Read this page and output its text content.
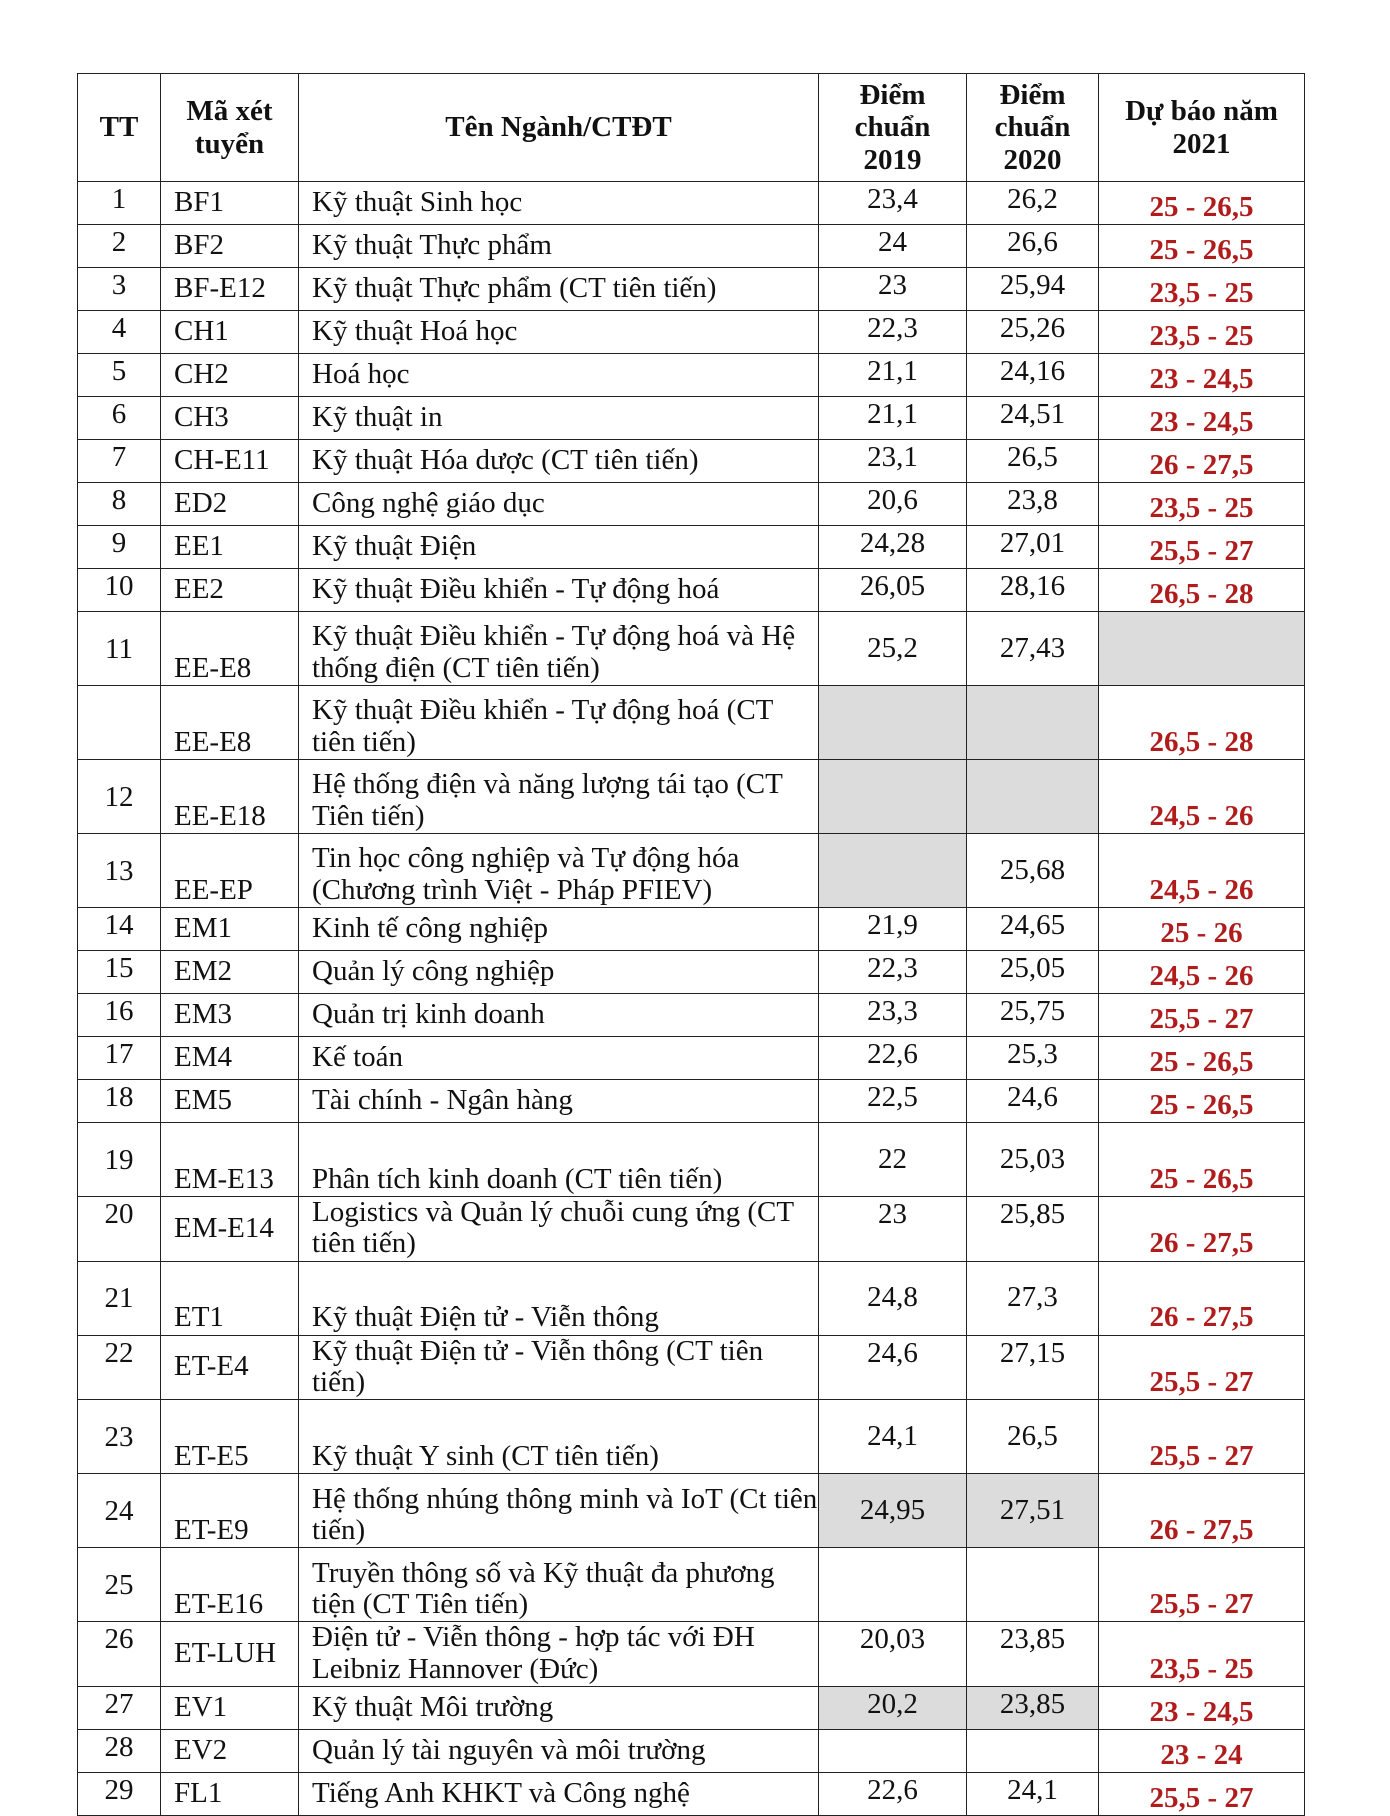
TT	Mã xét tuyển	Tên Ngành/CTĐT	Điểm chuẩn 2019	Điểm chuẩn 2020	Dự báo năm 2021

1	BF1	Kỹ thuật Sinh học	23,4	26,2	25 - 26,5
2	BF2	Kỹ thuật Thực phẩm	24	26,6	25 - 26,5
3	BF-E12	Kỹ thuật Thực phẩm (CT tiên tiến)	23	25,94	23,5 - 25
4	CH1	Kỹ thuật Hoá học	22,3	25,26	23,5 - 25
5	CH2	Hoá học	21,1	24,16	23 - 24,5
6	CH3	Kỹ thuật in	21,1	24,51	23 - 24,5
7	CH-E11	Kỹ thuật Hóa dược (CT tiên tiến)	23,1	26,5	26 - 27,5
8	ED2	Công nghệ giáo dục	20,6	23,8	23,5 - 25
9	EE1	Kỹ thuật Điện	24,28	27,01	25,5 - 27
10	EE2	Kỹ thuật Điều khiển - Tự động hoá	26,05	28,16	26,5 - 28
11	EE-E8	Kỹ thuật Điều khiển - Tự động hoá và Hệ thống điện (CT tiên tiến)	25,2	27,43	
	EE-E8	Kỹ thuật Điều khiển - Tự động hoá (CT tiên tiến)			26,5 - 28
12	EE-E18	Hệ thống điện và năng lượng tái tạo (CT Tiên tiến)			24,5 - 26
13	EE-EP	Tin học công nghiệp và Tự động hóa (Chương trình Việt - Pháp PFIEV)		25,68	24,5 - 26
14	EM1	Kinh tế công nghiệp	21,9	24,65	25 - 26
15	EM2	Quản lý công nghiệp	22,3	25,05	24,5 - 26
16	EM3	Quản trị kinh doanh	23,3	25,75	25,5 - 27
17	EM4	Kế toán	22,6	25,3	25 - 26,5
18	EM5	Tài chính - Ngân hàng	22,5	24,6	25 - 26,5
19	EM-E13	Phân tích kinh doanh (CT tiên tiến)	22	25,03	25 - 26,5
20	EM-E14	Logistics và Quản lý chuỗi cung ứng (CT tiên tiến)	23	25,85	26 - 27,5
21	ET1	Kỹ thuật Điện tử - Viễn thông	24,8	27,3	26 - 27,5
22	ET-E4	Kỹ thuật Điện tử - Viễn thông (CT tiên tiến)	24,6	27,15	25,5 - 27
23	ET-E5	Kỹ thuật Y sinh (CT tiên tiến)	24,1	26,5	25,5 - 27
24	ET-E9	Hệ thống nhúng thông minh và IoT (Ct tiên tiến)	24,95	27,51	26 - 27,5
25	ET-E16	Truyền thông số và Kỹ thuật đa phương tiện (CT Tiên tiến)			25,5 - 27
26	ET-LUH	Điện tử - Viễn thông - hợp tác với ĐH Leibniz Hannover (Đức)	20,03	23,85	23,5 - 25
27	EV1	Kỹ thuật Môi trường	20,2	23,85	23 - 24,5
28	EV2	Quản lý tài nguyên và môi trường			23 - 24
29	FL1	Tiếng Anh KHKT và Công nghệ	22,6	24,1	25,5 - 27
